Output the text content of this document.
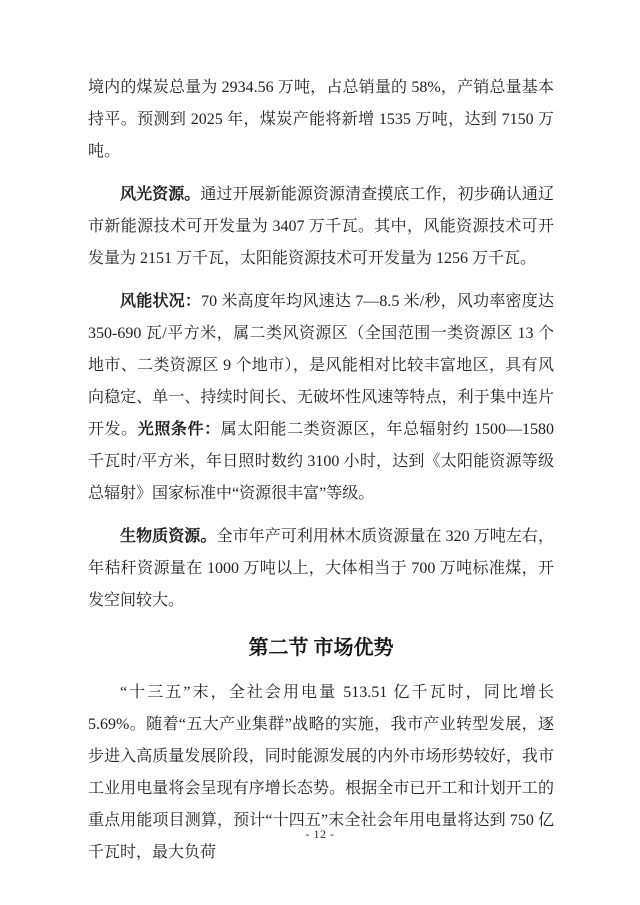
境内的煤炭总量为 2934.56 万吨，占总销量的 58%，产销总量基本持平。预测到 2025 年，煤炭产能将新增 1535 万吨，达到 7150 万吨。

风光资源。通过开展新能源资源清查摸底工作，初步确认通辽市新能源技术可开发量为 3407 万千瓦。其中，风能资源技术可开发量为 2151 万千瓦，太阳能资源技术可开发量为 1256 万千瓦。

风能状况：70 米高度年均风速达 7—8.5 米/秒，风功率密度达 350-690 瓦/平方米，属二类风资源区（全国范围一类资源区 13 个地市、二类资源区 9 个地市），是风能相对比较丰富地区，具有风向稳定、单一、持续时间长、无破坏性风速等特点，利于集中连片开发。光照条件：属太阳能二类资源区，年总辐射约 1500—1580 千瓦时/平方米，年日照时数约 3100 小时，达到《太阳能资源等级总辐射》国家标准中“资源很丰富”等级。

生物质资源。全市年产可利用林木质资源量在 320 万吨左右，年秸秆资源量在 1000 万吨以上，大体相当于 700 万吨标准煤，开发空间较大。

第二节 市场优势

“十三五”末，全社会用电量 513.51 亿千瓦时，同比增长 5.69%。随着“五大产业集群”战略的实施，我市产业转型发展，逐步进入高质量发展阶段，同时能源发展的内外市场形势较好，我市工业用电量将会呈现有序增长态势。根据全市已开工和计划开工的重点用能项目测算，预计“十四五”末全社会年用电量将达到 750 亿千瓦时，最大负荷

- 12 -
